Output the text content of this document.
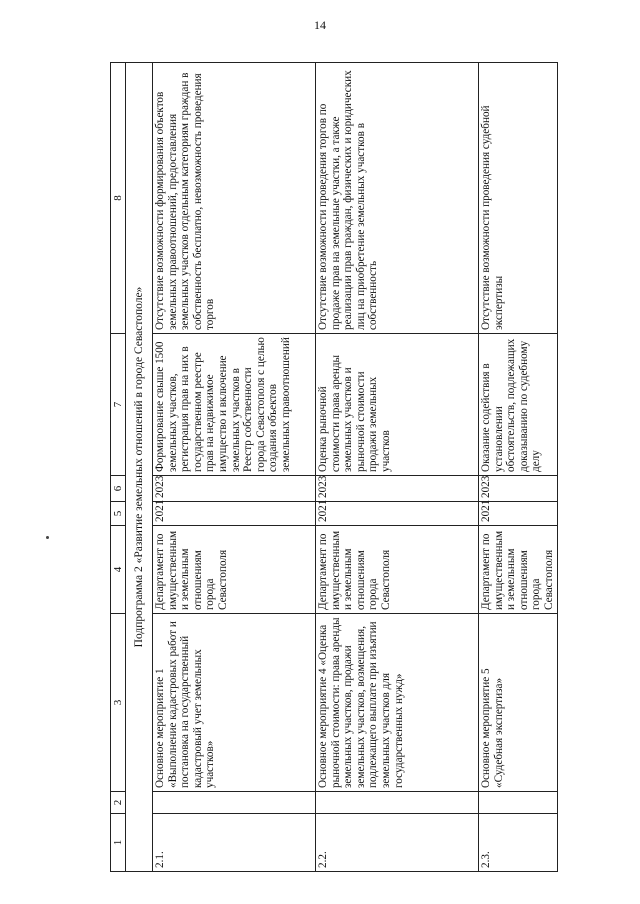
14
1	2	3	4	5	6	7	8
Подпрограмма 2 «Развитие земельных отношений в городе Севастополе»							
2.1.		Основное мероприятие 1 «Выполнение кадастровых работ и постановка на государственный кадастровый учет земельных участков»	Департамент по имущественным и земельным отношениям города Севастополя	2021	2023	Формирование свыше 1500 земельных участков, регистрация прав на них в государственном реестре прав на недвижимое имущество и включение земельных участков в Реестр собственности города Севастополя с целью создания объектов земельных правоотношений	Отсутствие возможности формирования объектов земельных правоотношений, предоставления земельных участков отдельным категориям граждан в собственность бесплатно, невозможность проведения торгов
2.2.		Основное мероприятие 4 «Оценка рыночной стоимости: права аренды земельных участков, продажи земельных участков, возмещения, подлежащего выплате при изъятии земельных участков для государственных нужд»	Департамент по имущественным и земельным отношениям города Севастополя	2021	2023	Оценка рыночной стоимости права аренды земельных участков и рыночной стоимости продажи земельных участков	Отсутствие возможности проведения торгов по продаже прав на земельные участки, а также реализации прав граждан, физических и юридических лиц на приобретение земельных участков в собственность
2.3.		Основное мероприятие 5 «Судебная экспертиза»	Департамент по имущественным и земельным отношениям города Севастополя	2021	2023	Оказание содействия в установлении обстоятельств, подлежащих доказыванию по судебному делу	Отсутствие возможности проведения судебной экспертизы
